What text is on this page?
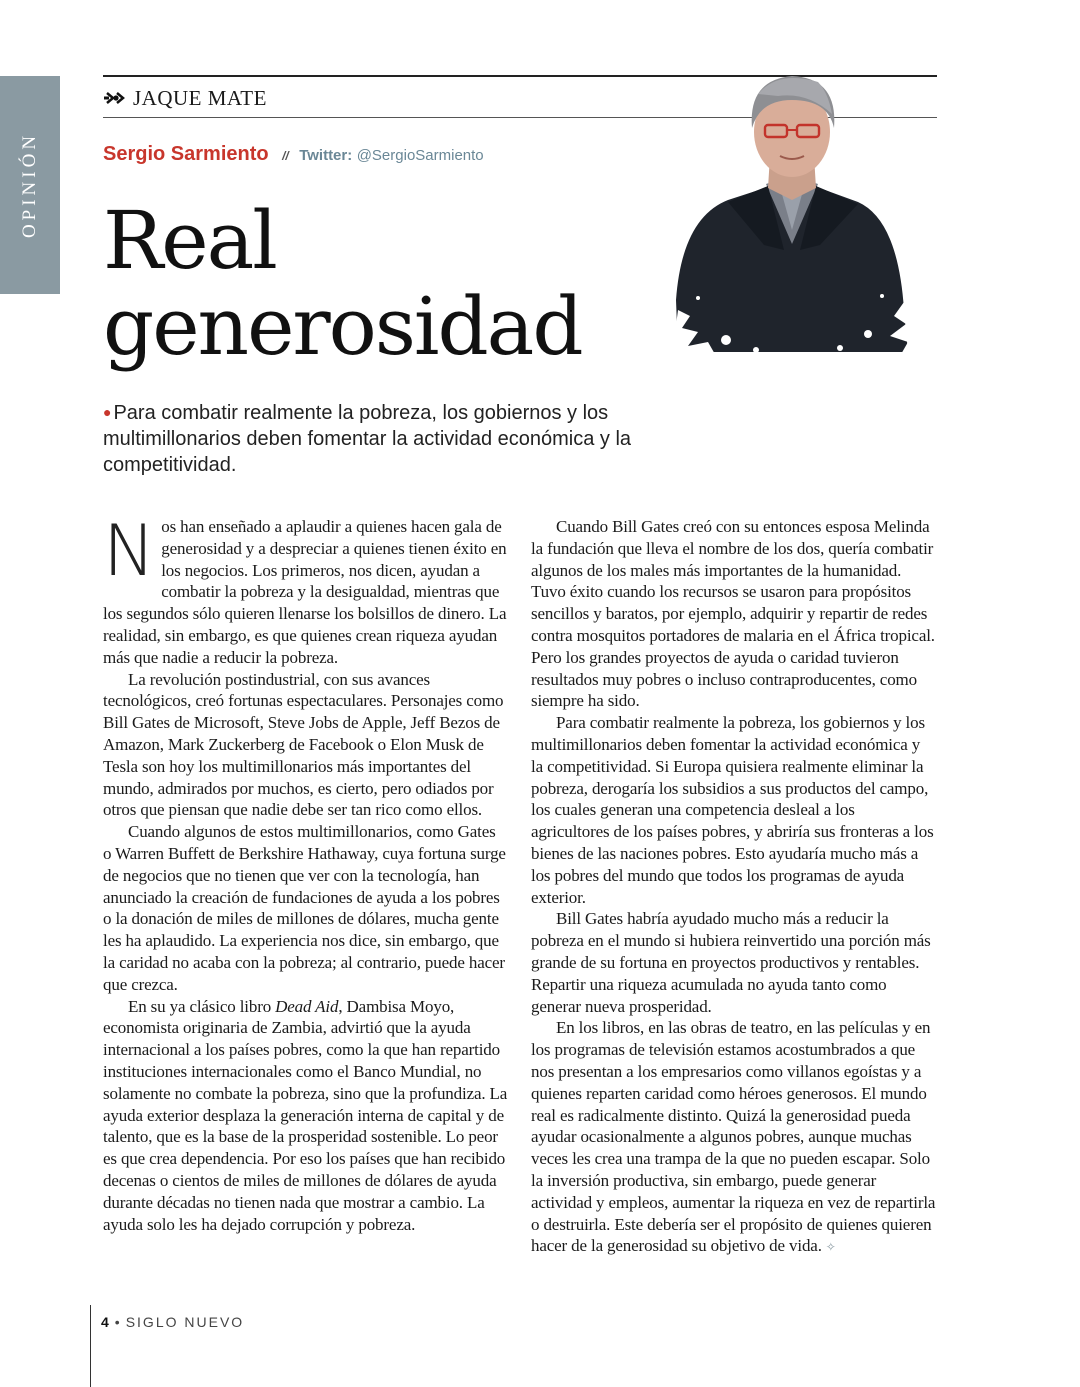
OPINIÓN
JAQUE MATE
Sergio Sarmiento // Twitter: @SergioSarmiento
Real
generosidad

● Para combatir realmente la pobreza, los gobiernos y los multimillonarios deben fomentar la actividad económica y la competitividad.

Nos han enseñado a aplaudir a quienes hacen gala de generosidad y a despreciar a quienes tienen éxito en los negocios. Los primeros, nos dicen, ayudan a combatir la pobreza y la desigualdad, mientras que los segundos sólo quieren llenarse los bolsillos de dinero. La realidad, sin embargo, es que quienes crean riqueza ayudan más que nadie a reducir la pobreza.

La revolución postindustrial, con sus avances tecnológicos, creó fortunas espectaculares. Personajes como Bill Gates de Microsoft, Steve Jobs de Apple, Jeff Bezos de Amazon, Mark Zuckerberg de Facebook o Elon Musk de Tesla son hoy los multimillonarios más importantes del mundo, admirados por muchos, es cierto, pero odiados por otros que piensan que nadie debe ser tan rico como ellos.

Cuando algunos de estos multimillonarios, como Gates o Warren Buffett de Berkshire Hathaway, cuya fortuna surge de negocios que no tienen que ver con la tecnología, han anunciado la creación de fundaciones de ayuda a los pobres o la donación de miles de millones de dólares, mucha gente les ha aplaudido. La experiencia nos dice, sin embargo, que la caridad no acaba con la pobreza; al contrario, puede hacer que crezca.

En su ya clásico libro Dead Aid, Dambisa Moyo, economista originaria de Zambia, advirtió que la ayuda internacional a los países pobres, como la que han repartido instituciones internacionales como el Banco Mundial, no solamente no combate la pobreza, sino que la profundiza. La ayuda exterior desplaza la generación interna de capital y de talento, que es la base de la prosperidad sostenible. Lo peor es que crea dependencia. Por eso los países que han recibido decenas o cientos de miles de millones de dólares de ayuda durante décadas no tienen nada que mostrar a cambio. La ayuda solo les ha dejado corrupción y pobreza.

Cuando Bill Gates creó con su entonces esposa Melinda la fundación que lleva el nombre de los dos, quería combatir algunos de los males más importantes de la humanidad. Tuvo éxito cuando los recursos se usaron para propósitos sencillos y baratos, por ejemplo, adquirir y repartir de redes contra mosquitos portadores de malaria en el África tropical. Pero los grandes proyectos de ayuda o caridad tuvieron resultados muy pobres o incluso contraproducentes, como siempre ha sido.

Para combatir realmente la pobreza, los gobiernos y los multimillonarios deben fomentar la actividad económica y la competitividad. Si Europa quisiera realmente eliminar la pobreza, derogaría los subsidios a sus productos del campo, los cuales generan una competencia desleal a los agricultores de los países pobres, y abriría sus fronteras a los bienes de las naciones pobres. Esto ayudaría mucho más a los pobres del mundo que todos los programas de ayuda exterior.

Bill Gates habría ayudado mucho más a reducir la pobreza en el mundo si hubiera reinvertido una porción más grande de su fortuna en proyectos productivos y rentables. Repartir una riqueza acumulada no ayuda tanto como generar nueva prosperidad.

En los libros, en las obras de teatro, en las películas y en los programas de televisión estamos acostumbrados a que nos presentan a los empresarios como villanos egoístas y a quienes reparten caridad como héroes generosos. El mundo real es radicalmente distinto. Quizá la generosidad pueda ayudar ocasionalmente a algunos pobres, aunque muchas veces les crea una trampa de la que no pueden escapar. Solo la inversión productiva, sin embargo, puede generar actividad y empleos, aumentar la riqueza en vez de repartirla o destruirla. Este debería ser el propósito de quienes quieren hacer de la generosidad su objetivo de vida. ✧

4 • SIGLO NUEVO
